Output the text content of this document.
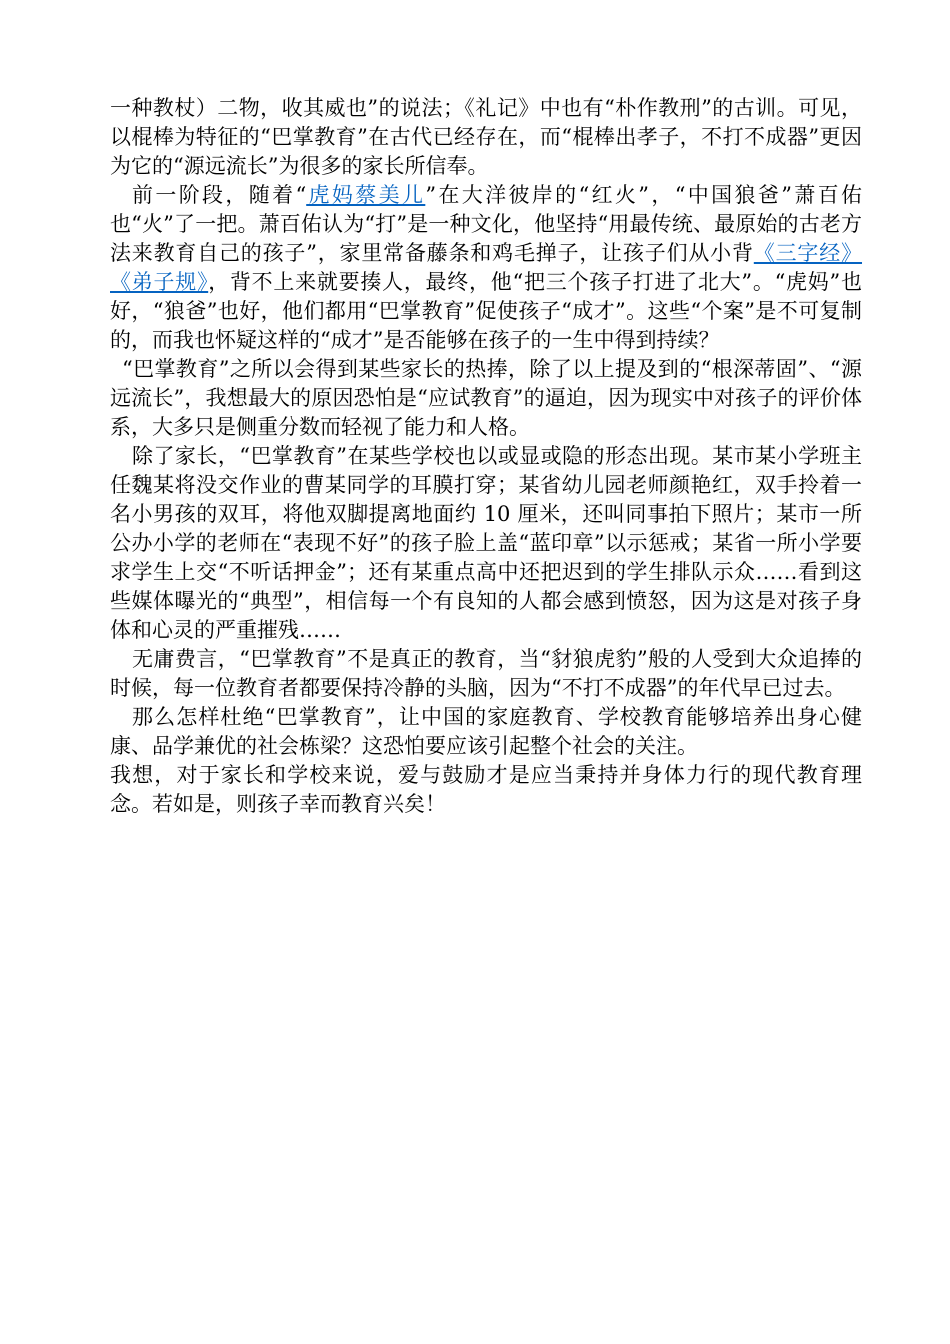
一种教杖）二物，收其威也”的说法；《礼记》中也有“朴作教刑”的古训。可见，以棍棒为特征的“巴掌教育”在古代已经存在，而“棍棒出孝子，不打不成器”更因为它的“源远流长”为很多的家长所信奉。

前一阶段，随着“虎妈蔡美儿”在大洋彼岸的“红火”，“中国狼爸”萧百佑也“火”了一把。萧百佑认为“打”是一种文化，他坚持“用最传统、最原始的古老方法来教育自己的孩子”，家里常备藤条和鸡毛掸子，让孩子们从小背《三字经》《弟子规》，背不上来就要揍人，最终，他“把三个孩子打进了北大”。“虎妈”也好，“狼爸”也好，他们都用“巴掌教育”促使孩子“成才”。这些“个案”是不可复制的，而我也怀疑这样的“成才”是否能够在孩子的一生中得到持续？

“巴掌教育”之所以会得到某些家长的热捧，除了以上提及到的“根深蒂固”、“源远流长”，我想最大的原因恐怕是“应试教育”的逼迫，因为现实中对孩子的评价体系，大多只是侧重分数而轻视了能力和人格。

除了家长，“巴掌教育”在某些学校也以或显或隐的形态出现。某市某小学班主任魏某将没交作业的曹某同学的耳膜打穿；某省幼儿园老师颜艳红，双手拎着一名小男孩的双耳，将他双脚提离地面约 10 厘米，还叫同事拍下照片；某市一所公办小学的老师在“表现不好”的孩子脸上盖“蓝印章”以示惩戒；某省一所小学要求学生上交“不听话押金”；还有某重点高中还把迟到的学生排队示众……看到这些媒体曝光的“典型”，相信每一个有良知的人都会感到愤怒，因为这是对孩子身体和心灵的严重摧残……

无庸费言，“巴掌教育”不是真正的教育，当“豺狼虎豹”般的人受到大众追捧的时候，每一位教育者都要保持冷静的头脑，因为“不打不成器”的年代早已过去。

那么怎样杜绝“巴掌教育”，让中国的家庭教育、学校教育能够培养出身心健康、品学兼优的社会栋梁？这恐怕要应该引起整个社会的关注。

我想，对于家长和学校来说，爱与鼓励才是应当秉持并身体力行的现代教育理念。若如是，则孩子幸而教育兴矣！
